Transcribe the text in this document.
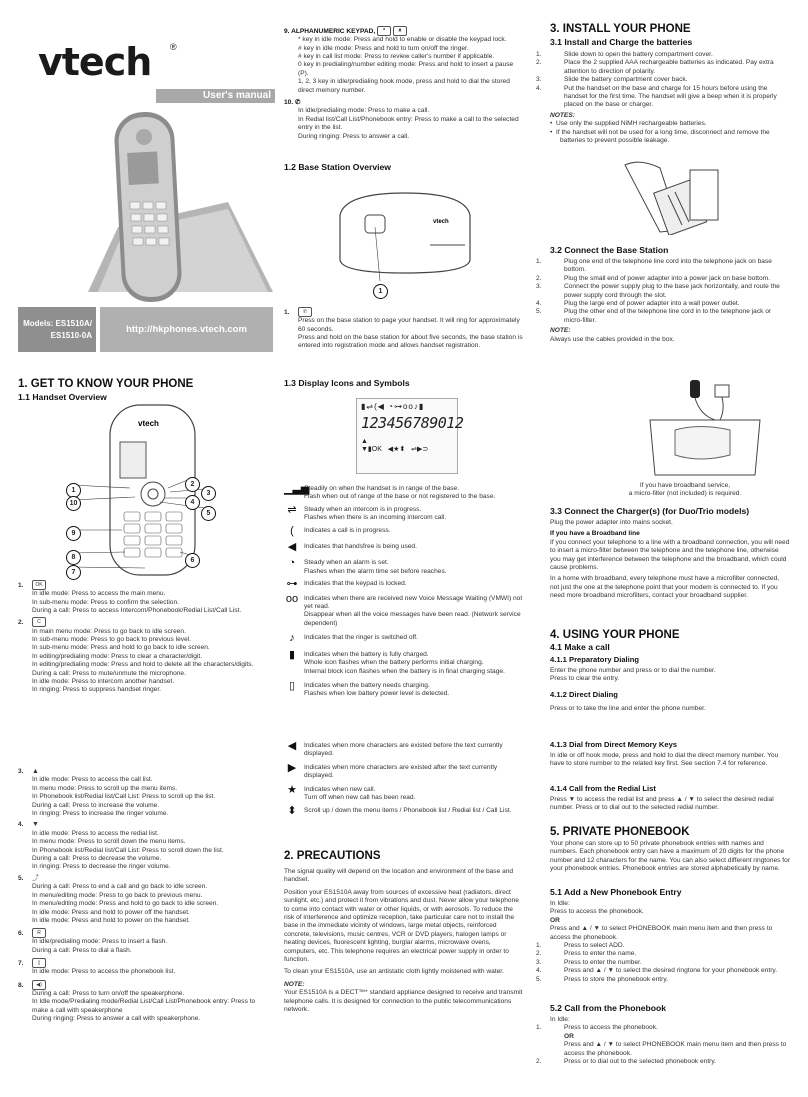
vtech ®
User's manual
Models: ES1510A/
ES1510-0A
http://hkphones.vtech.com
1. GET TO KNOW YOUR PHONE
1.1 Handset Overview
vtech
1
2
3
4
5
6
7
8
9
10
1. OK

In idle mode: Press to access the main menu.

In sub-menu mode: Press to confirm the selection.

During a call: Press to access Intercom/Phonebook/Redial List/Call List.

2.	C

In main menu mode: Press to go back to idle screen.

In sub-menu mode: Press to go back to previous level.

In sub-menu mode: Press and hold to go back to idle screen.

In editing/predialing mode: Press to clear a character/digit.

In editing/predialing mode: Press and hold to delete all the characters/digits.

During a call: Press to mute/unmute the microphone.

In idle mode: Press to intercom another handset.

In ringing: Press to suppress handset ringer.

3. ▲

In idle mode: Press to access the call list.

In menu mode: Press to scroll up the menu items.

In Phonebook list/Redial list/Call List: Press to scroll up the list.

During a call: Press to increase the volume.

In ringing: Press to increase the ringer volume.

4. ▼

In idle mode: Press to access the redial list.

In menu mode: Press to scroll down the menu items.

In Phonebook list/Redial list/Call List: Press to scroll down the list.

During a call: Press to decrease the volume.

In ringing: Press to decrease the ringer volume.

5. ⤴

During a call: Press to end a call and go back to idle screen.

In menu/editing mode: Press to go back to previous menu.

In menu/editing mode: Press and hold to go back to idle screen.

In idle mode: Press and hold to power off the handset.

In idle mode: Press and hold to power on the handset.

6.	R

In idle/predialing mode: Press to insert a flash.

During a call: Press to dial a flash.

7.	▯

In idle mode: Press to access the phonebook list.

8.	◀)

During a call: Press to turn on/off the speakerphone.

In Idle mode/Predialing mode/Redial List/Call List/Phonebook entry: Press to make a call with speakerphone

During ringing: Press to answer a call with speakerphone.

9. ALPHANUMERIC KEYPAD, *	#

* key in idle mode: Press and hold to enable or disable the keypad lock.

# key in idle mode: Press and hold to turn on/off the ringer.

# key in call list mode: Press to review caller's number if applicable.

0 key in predialing/number editing mode: Press and hold to insert a pause (P).

1, 2, 3 key in idle/predialing hook mode, press and hold to dial the stored direct memory number.

10. ✆

In idle/predialing mode: Press to make a call.

In Redial list/Call List/Phonebook entry: Press to make a call to the selected entry in the list.

During ringing: Press to answer a call.

1.2 Base Station Overview
vtech
1
1.	✆

Press on the base station to page your handset. It will ring for approximately 60 seconds.

Press and hold on the base station for about five seconds, the base station is entered into registration mode and allows handset registration.

1.3 Display Icons and Symbols
▮⇌(◀ ◔⊶oo♪▮
123456789012
▲
▼▮OK   ◀★⬍   ⇌▶⊃
▁▃▅

Steadily on when the handset is in range of the base.

Flash when out of range of the base or not registered to the base.

⇌	Steady when an intercom is in progress.

Flashes when there is an incoming intercom call.

(	Indicates a call is in progress.

◀	Indicates that handsfree is being used.

◔	Steady when an alarm is set.

Flashes when the alarm time set before reaches.

⊶ Indicates that the keypad is locked.

oo Indicates when there are received new Voice Message Waiting (VMWI) not yet read.

Disappear when all the voice messages have been read. (Network service dependent)

♪	Indicates that the ringer is switched off.

▮	Indicates when the battery is fully charged.

Whole icon flashes when the battery performs initial charging.

Internal block icon flashes when the battery is in final charging stage.

▯	Indicates when the battery needs charging.

Flashes when low battery power level is detected.

◀	Indicates when more characters are existed before the text currently displayed.

▶	Indicates when more characters are existed after the text currently displayed.

★	Indicates when new call.

Turn off when new call has been read.

⬍	Scroll up / down the menu items / Phonebook list / Redial list / Call List.

2. PRECAUTIONS

The signal quality will depend on the location and environment of the base and handset.

Position your ES1510A away from sources of excessive heat (radiators, direct sunlight, etc.) and protect it from vibrations and dust. Never allow your telephone to come into contact with water or other liquids, or with aerosols. To reduce the risk of interference and optimize reception, take particular care not to install the base in the immediate vicinity of windows, large metal objects, reinforced concrete, televisions, music centres, VCR or DVD players, halogen lamps or heating devices, fluorescent lighting, burglar alarms, microwave ovens, computers, etc. This telephone requires an electrical power supply in order to function.

To clean your ES1510A, use an antistatic cloth lightly moistened with water.

NOTE:

Your ES1510A is a DECT™* standard appliance designed to receive and transmit telephone calls. It is designed for connection to the public telecommunications network.

3. INSTALL YOUR PHONE
3.1 Install and Charge the batteries

1.	Slide down to open the battery compartment cover.

2.	Place the 2 supplied AAA rechargeable batteries as indicated. Pay extra attention to direction of polarity.

3.	Slide the battery compartment cover back.

4.	Put the handset on the base and charge for 15 hours before using the handset for the first time. The handset will give a beep when it is properly placed on the base or charger.

NOTES:

•  Use only the supplied NiMH rechargeable batteries.

•  If the handset will not be used for a long time, disconnect and remove the batteries to prevent possible leakage.

3.2 Connect the Base Station

1.	Plug one end of the telephone line cord into the telephone jack on base bottom.

2.	Plug the small end of power adapter into a power jack on base bottom.

3.	Connect the power supply plug to the base jack horizontally, and route the power supply cord through the slot.

4.	Plug the large end of power adapter into a wall power outlet.

5.	Plug the other end of the telephone line cord in to the telephone jack or micro-filter.

NOTE:

Always use the cables provided in the box.

If you have broadband service,

a micro-filter (not included) is required.

3.3 Connect the Charger(s) (for Duo/Trio models)

Plug the power adapter into mains socket.

If you have a Broadband line

If you connect your telephone to a line with a broadband connection, you will need to insert a micro-filter between the telephone and the telephone line, otherwise you may get interference between the telephone and the broadband, which could cause problems.

In a home with broadband, every telephone must have a microfilter connected, not just the one at the telephone point that your modem is connected to. If you need more broadband microfilters, contact your broadband supplier.

4. USING YOUR PHONE
4.1 Make a call
4.1.1 Preparatory Dialing

Enter the phone number and press or to dial the number.

Press to clear the entry.

4.1.2 Direct Dialing

Press or to take the line and enter the phone number.

4.1.3 Dial from Direct Memory Keys

In idle or off hook mode, press and hold to dial the direct memory number. You have to store number to the related key first. See section 7.4 for reference.

4.1.4 Call from the Redial List

Press ▼ to access the redial list and press ▲ / ▼ to select the desired redial number. Press or to dial out to the selected redial number.

5. PRIVATE PHONEBOOK

Your phone can store up to 50 private phonebook entries with names and numbers. Each phonebook entry can have a maximum of 20 digits for the phone number and 12 characters for the name. You can also select different ringtones for your phonebook entries. Phonebook entries are stored alphabetically by name.

5.1 Add a New Phonebook Entry

In Idle:

Press to access the phonebook.

OR

Press and ▲ / ▼ to select PHONEBOOK main menu item and then press to access the phonebook.

1.	Press to select ADD.

2.	Press to enter the name.

3.	Press to enter the number.

4.	Press and ▲ / ▼ to select the desired ringtone for your phonebook entry.

5.	Press to store the phonebook entry.

5.2 Call from the Phonebook

In Idle:

1.	Press to access the phonebook.

OR

Press and ▲ / ▼ to select PHONEBOOK main menu item and then press to access the phonebook.

2.	Press or to dial out to the selected phonebook entry.
